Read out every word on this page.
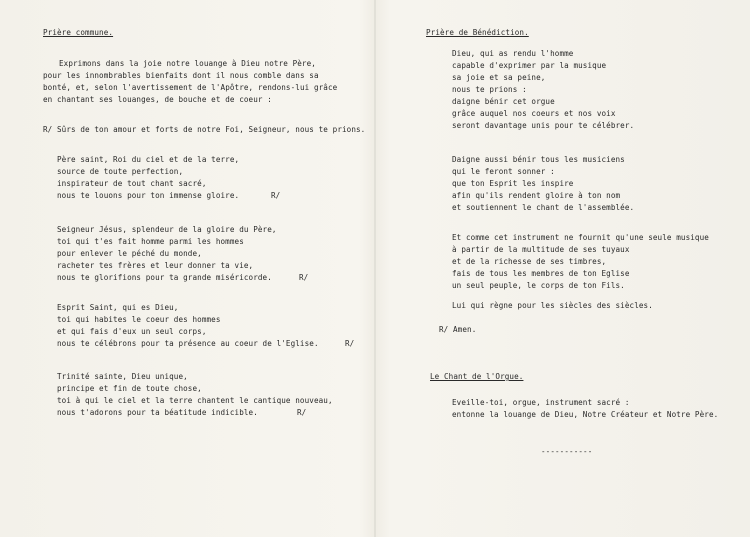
Prière commune.
Exprimons dans la joie notre louange à Dieu notre Père,
pour les innombrables bienfaits dont il nous comble dans sa
bonté, et, selon l'avertissement de l'Apôtre, rendons-lui grâce
en chantant ses louanges, de bouche et de coeur :
R/ Sûrs de ton amour et forts de notre Foi, Seigneur, nous te prions.
Père saint, Roi du ciel et de la terre,
source de toute perfection,
inspirateur de tout chant sacré,
nous te louons pour ton immense gloire.	R/
Seigneur Jésus, splendeur de la gloire du Père,
toi qui t'es fait homme parmi les hommes
pour enlever le péché du monde,
racheter tes frères et leur donner ta vie,
nous te glorifions pour ta grande miséricorde.	R/
Esprit Saint, qui es Dieu,
toi qui habites le coeur des hommes
et qui fais d'eux un seul corps,
nous te célébrons pour ta présence au coeur de l'Eglise.	R/
Trinité sainte, Dieu unique,
principe et fin de toute chose,
toi à qui le ciel et la terre chantent le cantique nouveau,
nous t'adorons pour ta béatitude indicible.	R/
Prière de Bénédiction.
Dieu, qui as rendu l'homme
capable d'exprimer par la musique
sa joie et sa peine,
nous te prions :
daigne bénir cet orgue
grâce auquel nos coeurs et nos voix
seront davantage unis pour te célébrer.
Daigne aussi bénir tous les musiciens
qui le feront sonner :
que ton Esprit les inspire
afin qu'ils rendent gloire à ton nom
et soutiennent le chant de l'assemblée.
Et comme cet instrument ne fournit qu'une seule musique
à partir de la multitude de ses tuyaux
et de la richesse de ses timbres,
fais de tous les membres de ton Eglise
un seul peuple, le corps de ton Fils.
Lui qui règne pour les siècles des siècles.
R/ Amen.
Le Chant de l'Orgue.
Eveille-toi, orgue, instrument sacré :
entonne la louange de Dieu, Notre Créateur et Notre Père.
-----------
